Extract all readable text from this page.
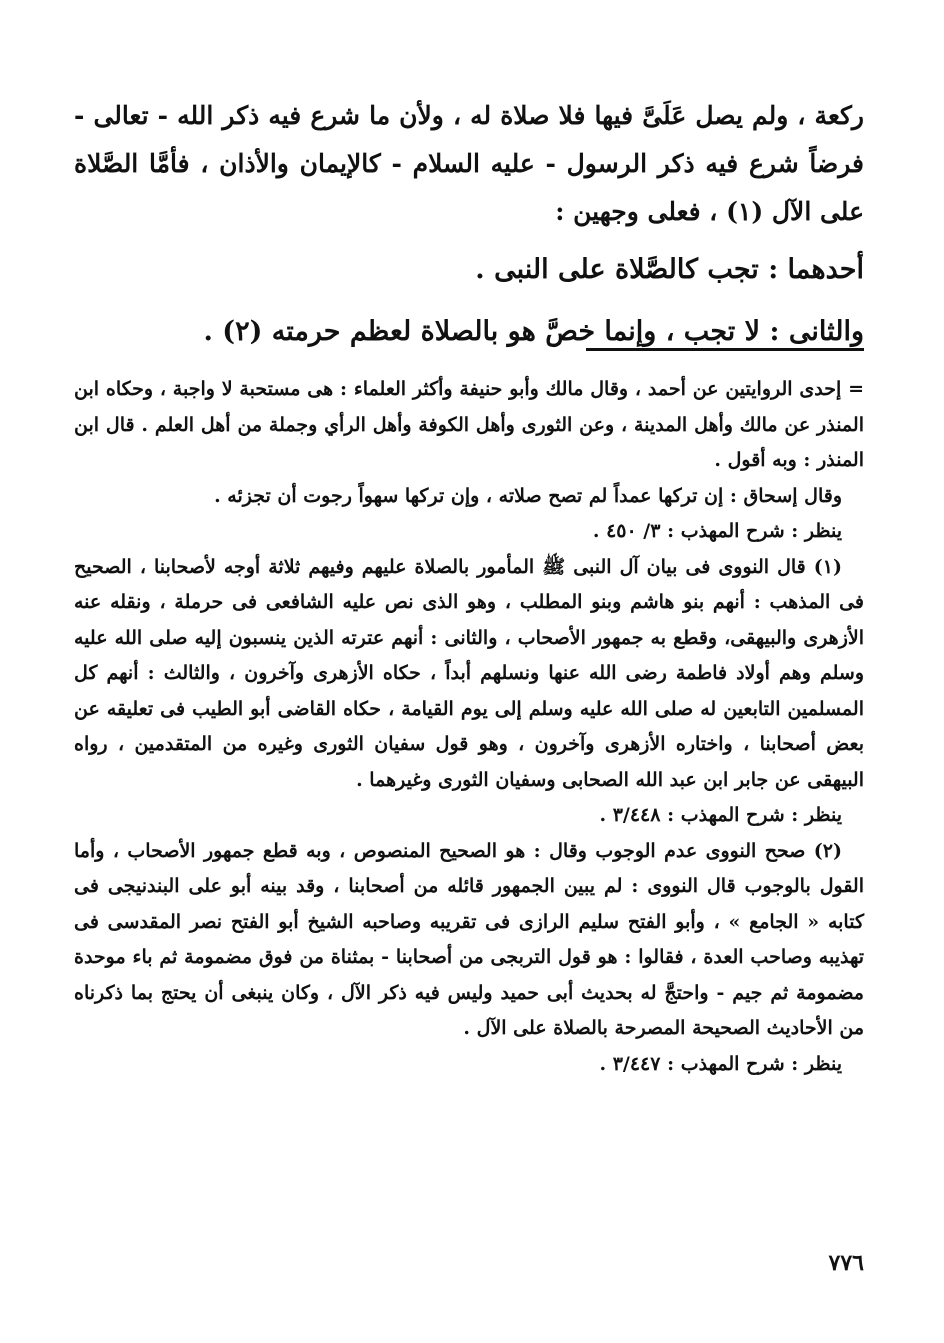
ركعة ، ولم يصل عَلَىَّ فيها فلا صلاة له ، ولأن ما شرع فيه ذكر الله - تعالى - فرضاً شرع فيه ذكر الرسول - عليه السلام - كالإيمان والأذان ، فأمَّا الصَّلاة على الآل (١) ، فعلى وجهين :

أحدهما : تجب كالصَّلاة على النبى .

والثانى : لا تجب ، وإنما خصَّ هو بالصلاة لعظم حرمته (٢) .

= إحدى الروايتين عن أحمد ، وقال مالك وأبو حنيفة وأكثر العلماء : هى مستحبة لا واجبة ، وحكاه ابن المنذر عن مالك وأهل المدينة ، وعن الثورى وأهل الكوفة وأهل الرأي وجملة من أهل العلم . قال ابن المنذر : وبه أقول .

وقال إسحاق : إن تركها عمداً لم تصح صلاته ، وإن تركها سهواً رجوت أن تجزئه .

ينظر : شرح المهذب : ٣/ ٤٥٠ .

(١) قال النووى فى بيان آل النبى ﷺ المأمور بالصلاة عليهم وفيهم ثلاثة أوجه لأصحابنا ، الصحيح فى المذهب : أنهم بنو هاشم وبنو المطلب ، وهو الذى نص عليه الشافعى فى حرملة ، ونقله عنه الأزهرى والبيهقى، وقطع به جمهور الأصحاب ، والثانى : أنهم عترته الذين ينسبون إليه صلى الله عليه وسلم وهم أولاد فاطمة رضى الله عنها ونسلهم أبداً ، حكاه الأزهرى وآخرون ، والثالث : أنهم كل المسلمين التابعين له صلى الله عليه وسلم إلى يوم القيامة ، حكاه القاضى أبو الطيب فى تعليقه عن بعض أصحابنا ، واختاره الأزهرى وآخرون ، وهو قول سفيان الثورى وغيره من المتقدمين ، رواه البيهقى عن جابر ابن عبد الله الصحابى وسفيان الثورى وغيرهما .

ينظر : شرح المهذب : ٣/٤٤٨ .

(٢) صحح النووى عدم الوجوب وقال : هو الصحيح المنصوص ، وبه قطع جمهور الأصحاب ، وأما القول بالوجوب قال النووى : لم يبين الجمهور قائله من أصحابنا ، وقد بينه أبو على البندنيجى فى كتابه « الجامع » ، وأبو الفتح سليم الرازى فى تقريبه وصاحبه الشيخ أبو الفتح نصر المقدسى فى تهذيبه وصاحب العدة ، فقالوا : هو قول التربجى من أصحابنا - بمثناة من فوق مضمومة ثم باء موحدة مضمومة ثم جيم - واحتجَّ له بحديث أبى حميد وليس فيه ذكر الآل ، وكان ينبغى أن يحتج بما ذكرناه من الأحاديث الصحيحة المصرحة بالصلاة على الآل .

ينظر : شرح المهذب : ٣/٤٤٧ .

٧٧٦
